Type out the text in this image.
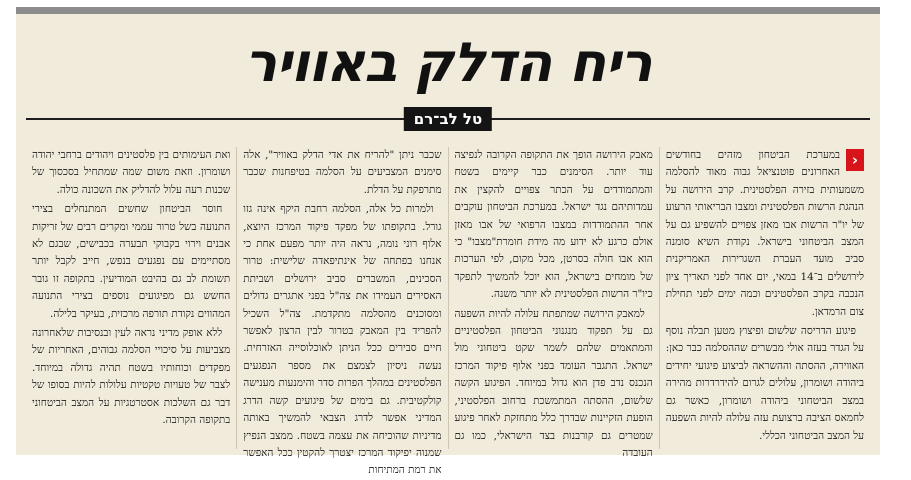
ריח הדלק באוויר
טל לב־רם
‹

במערכת הביטחון מזהים בחודשים האחרונים פוטנציאל גבוה מאוד להסלמה משמעותית בזירה הפלסטינית. קרב הירושה על הנהגת הרשות הפלסטינית ומצבו הבריאותי הרעוע של יו"ר הרשות אבו מאזן צפויים להשפיע גם על המצב הביטחוני בישראל. נקודת השיא סומנה סביב מועד העברת השגרירות האמריקנית לירושלים ב־14 במאי, יום אחד לפני תאריך ציון הנכבה בקרב הפלסטינים וכמה ימים לפני תחילת צום הרמדאן.

פיגוע הדריסה שלשום ופיצוץ מטען תבלה נוסף על הגדר בעזה אולי מבשרים שההסלמה כבר כאן: האווירה, ההסתה וההשראה לביצוע פיגועי יחידים ביהודה ושומרון, עלולים לגרום להידרדרות מהירה במצב הביטחוני ביהודה ושומרון, כאשר גם לחמאס הציבה ברצועת עזה עלולה להיות השפעה על המצב הביטחוני הכללי.

מאבק הירושה הופך את התקופה הקרובה לנפיצה עוד יותר. הסימנים כבר קיימים בשטח והמתמודדים על הכתר צפויים להקצין את עמדותיהם נגד ישראל. במערכת הביטחון עוקבים אחר ההתמודדות במצבו הרפואי של אבו מאזן אולם כרגע לא ידוע מה מידת חומרת"מצבו" כי הוא אבו חולה בסרטן, מכל מקום, לפי הערכות של מומחים בישראל, הוא יוכל להמשיך לתפקד כיו"ר הרשות הפלסטינית לא יותר משנה.

למאבק הירושה שמתפתח עלולה להיות השפעה גם על תפקוד מנגנוני הביטחון הפלסטיניים והמתאמים שלהם לשמר שקט ביטחוני מול ישראל. התגבר העומד בפני אלוף פיקוד המרכז הנכנס נדב פדן הוא גדול במיוחד. הפיגוע הקשה שלשום, ההסתה המתמשכת ברחוב הפלסטיני, הופעת הזקיינות שבדרך כלל מתחזקת לאחר פיגוע שמטרים גם קורבנות בצד הישראלי, כמו גם העובדה

שכבר ניתן "להריח את אדי הדלק באוויר", אלה סימנים המצביעים על הסלמה בטיפחנות שכבר מתרפקת על הדלת.

ולמרות כל אלה, הסלמה רחבת היקף אינה גזו גורל. בתקופתו של מפקד פיקוד המרכז היוצא, אלוף רוני נומה, נראה היה יותר מפעם אחת כי אנחנו בפתחה של אינתיפאדה שלישית: טרור הסכינים, המשברים סביב ירושלים ושביתת האסירים העמידו את צה"ל בפני אתגרים גדולים ומסוכנים מהסלמה מתקדמת. צה"ל השכיל להפריד בין המאבק בטרור לבין הרצון לאפשר חיים סבירים ככל הניתן לאוכלוסייה האזרחית. נעשה ניסיון לצמצם את מספר הנפגעים הפלסטינים במהלך הפרות סדר והימנעות מענישה קולקטיבית. גם בימים של פיגועים קשה הדרג המדיני אפשר לדרג הצבאי להמשיך באותה מדיניות שהוכיחה את עצמה בשטח. ממצב הנפיץ שמנוה יפיקוד המרכז יצטרך להקטין ככל האפשר את רמת המתיחות

ואת העימותים בין פלסטינים ויהודים ברחבי יהודה ושומרון. וזאת משום שמה שמתחיל בסכסוך של שכנות רעה עלול להדליק את השכונה כולה.

חוסר הביטחון שחשים המתנחלים בצירי התנועה בשל טרור עממי ומקרים רבים של זריקות אבנים וירוי בקבוקי תבערה בכבישים, שבגם לא מסתיימים עם נפגעים בנפש, חייב לקבל יותר תשומת לב גם בהיבט המודיעין. בתקופה זו גובר החשש גם מפיגועים נוספים בצירי התנועה המהווים נקודת תורפה מרכזית, בעיקר בלילה.

ללא אופק מדיני נראה לעין ובנסיבות שלאחרונה מצביעות על סיכויי הסלמה גבוהים, האחריות של מפקדים וכוחותיו בשטח תהיה גדולה במיוחד. לצבר של טעויות טקטיות עלולות להיות בסופו של דבר גם השלכות אסטרטגיות על המצב הביטחוני בתקופה הקרובה.
